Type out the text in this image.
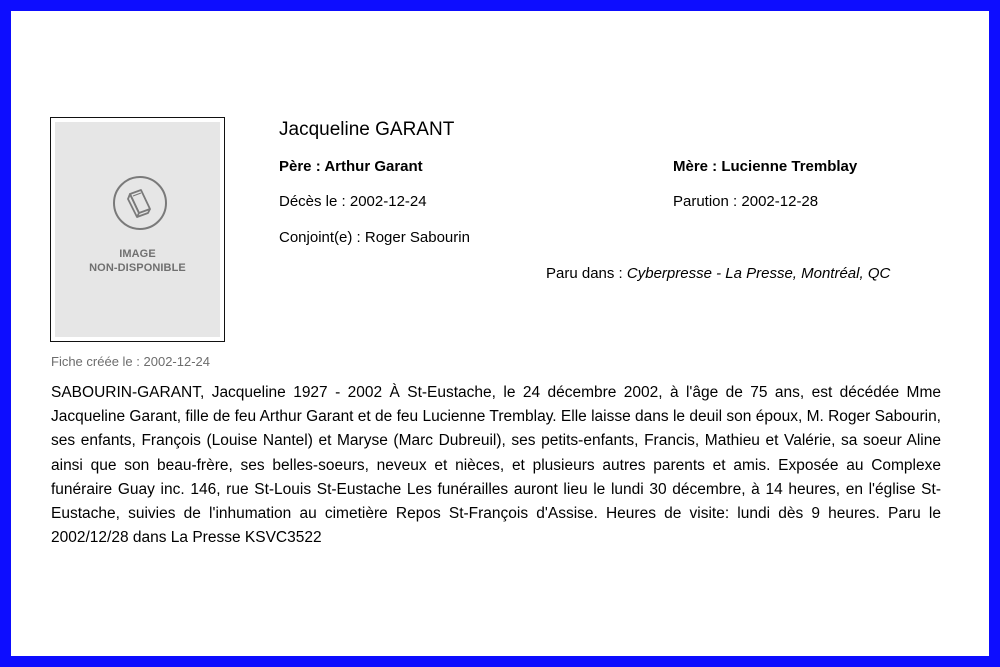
IMAGE
NON-DISPONIBLE
Fiche créée le : 2002-12-24
Jacqueline GARANT
Père : Arthur Garant	Mère : Lucienne Tremblay
Décès le : 2002-12-24	Parution : 2002-12-28
Conjoint(e) : Roger Sabourin
Paru dans : Cyberpresse - La Presse, Montréal, QC
SABOURIN-GARANT, Jacqueline 1927 - 2002 À St-Eustache, le 24 décembre 2002, à l'âge de 75 ans, est décédée Mme Jacqueline Garant, fille de feu Arthur Garant et de feu Lucienne Tremblay. Elle laisse dans le deuil son époux, M. Roger Sabourin, ses enfants, François (Louise Nantel) et Maryse (Marc Dubreuil), ses petits-enfants, Francis, Mathieu et Valérie, sa soeur Aline ainsi que son beau-frère, ses belles-soeurs, neveux et nièces, et plusieurs autres parents et amis. Exposée au Complexe funéraire Guay inc. 146, rue St-Louis St-Eustache Les funérailles auront lieu le lundi 30 décembre, à 14 heures, en l'église St-Eustache, suivies de l'inhumation au cimetière Repos St-François d'Assise. Heures de visite: lundi dès 9 heures. Paru le 2002/12/28 dans La Presse KSVC3522
